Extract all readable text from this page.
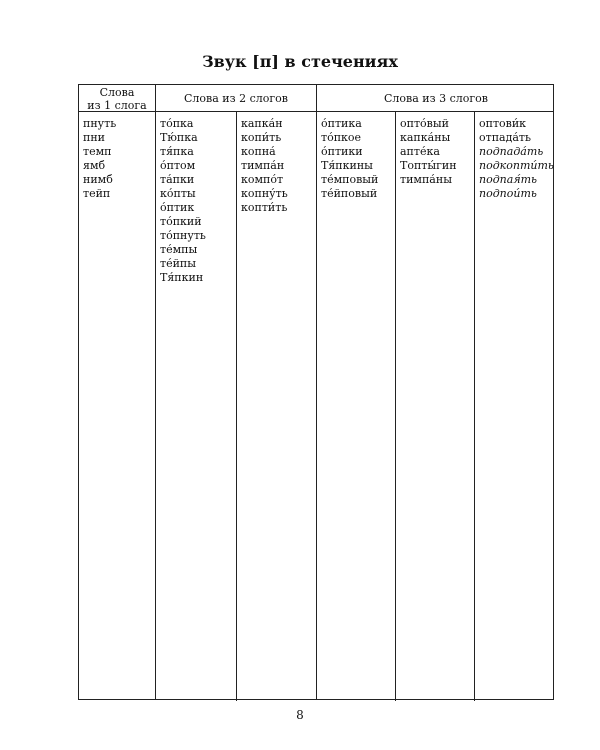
Звук [п] в стечениях
Слова
из 1 слога
Слова из 2 слогов	Слова из 3 слогов
пнуть
пни
темп
ямб
нимб
тейп
то́пка
Тю́пка
тя́пка
о́птом
та́пки
ко́пты
о́птик
то́пкий
то́пнуть
те́мпы
те́йпы
Тя́пкин
капка́н
копи́ть
копна́
тимпа́н
компо́т
копну́ть
копти́ть
о́птика
то́пкое
о́птики
Тя́пкины
те́мповый
те́йповый
опто́вый
капка́ны
апте́ка
Топты́гин
тимпа́ны
оптови́к
отпада́ть
подпада́ть
подкопти́ть
подпая́ть
подпои́ть
8
